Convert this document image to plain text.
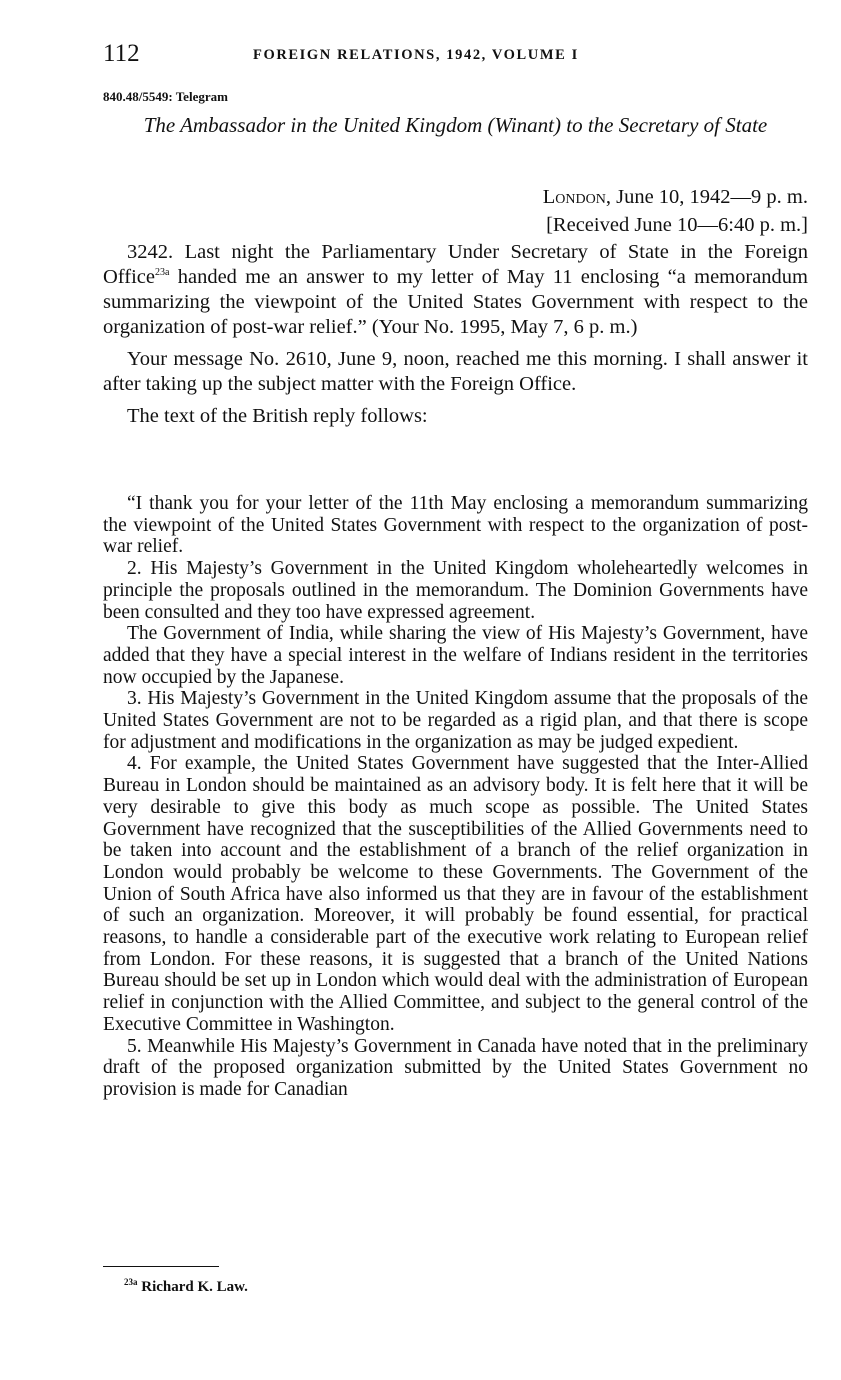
112	FOREIGN RELATIONS, 1942, VOLUME I
840.48/5549: Telegram
The Ambassador in the United Kingdom (Winant) to the Secretary of State
London, June 10, 1942—9 p. m.
[Received June 10—6:40 p. m.]

3242. Last night the Parliamentary Under Secretary of State in the Foreign Office$^{23a}$ handed me an answer to my letter of May 11 enclosing “a memorandum summarizing the viewpoint of the United States Government with respect to the organization of post-war relief.” (Your No. 1995, May 7, 6 p. m.)

Your message No. 2610, June 9, noon, reached me this morning. I shall answer it after taking up the subject matter with the Foreign Office.

The text of the British reply follows:

“I thank you for your letter of the 11th May enclosing a memorandum summarizing the viewpoint of the United States Government with respect to the organization of post-war relief.

2. His Majesty’s Government in the United Kingdom wholeheartedly welcomes in principle the proposals outlined in the memorandum. The Dominion Governments have been consulted and they too have expressed agreement.

The Government of India, while sharing the view of His Majesty’s Government, have added that they have a special interest in the welfare of Indians resident in the territories now occupied by the Japanese.

3. His Majesty’s Government in the United Kingdom assume that the proposals of the United States Government are not to be regarded as a rigid plan, and that there is scope for adjustment and modifications in the organization as may be judged expedient.

4. For example, the United States Government have suggested that the Inter-Allied Bureau in London should be maintained as an advisory body. It is felt here that it will be very desirable to give this body as much scope as possible. The United States Government have recognized that the susceptibilities of the Allied Governments need to be taken into account and the establishment of a branch of the relief organization in London would probably be welcome to these Governments. The Government of the Union of South Africa have also informed us that they are in favour of the establishment of such an organization. Moreover, it will probably be found essential, for practical reasons, to handle a considerable part of the executive work relating to European relief from London. For these reasons, it is suggested that a branch of the United Nations Bureau should be set up in London which would deal with the administration of European relief in conjunction with the Allied Committee, and subject to the general control of the Executive Committee in Washington.

5. Meanwhile His Majesty’s Government in Canada have noted that in the preliminary draft of the proposed organization submitted by the United States Government no provision is made for Canadian

$^{23a}$ Richard K. Law.
